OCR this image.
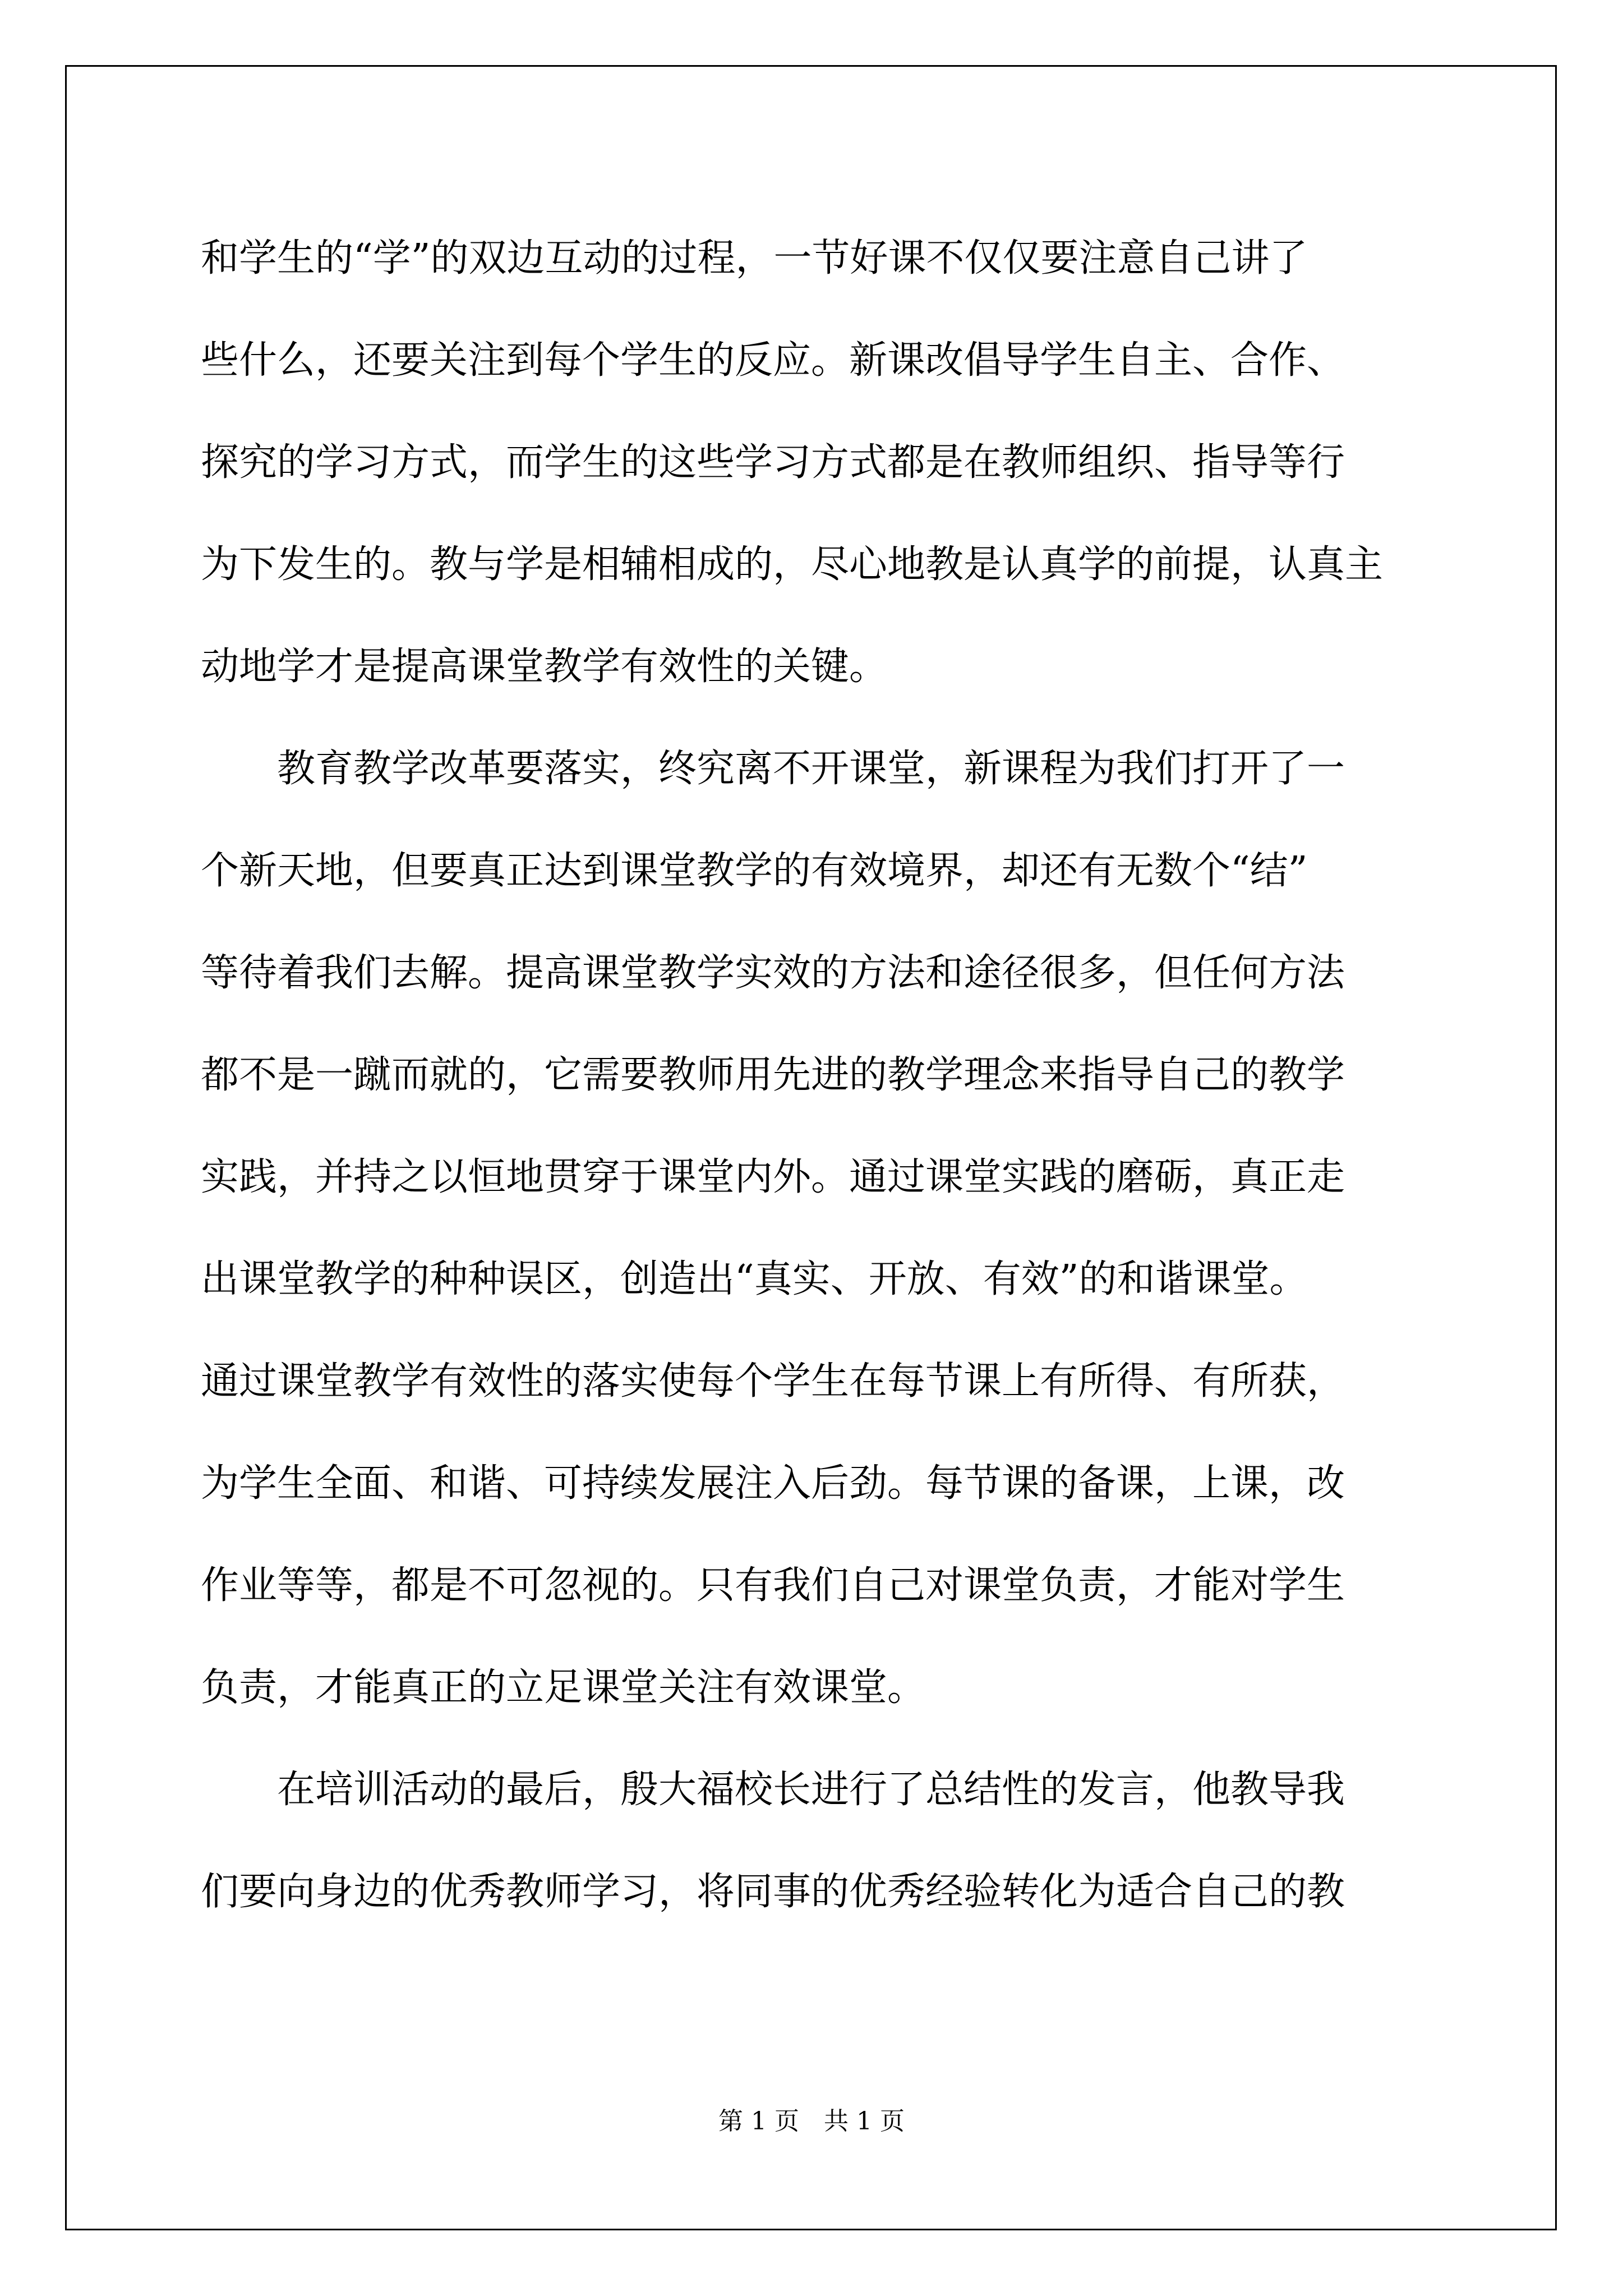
和学生的“学”的双边互动的过程，一节好课不仅仅要注意自己讲了
些什么，还要关注到每个学生的反应。新课改倡导学生自主、合作、
探究的学习方式，而学生的这些学习方式都是在教师组织、指导等行
为下发生的。教与学是相辅相成的，尽心地教是认真学的前提，认真主
动地学才是提高课堂教学有效性的关键。
　　教育教学改革要落实，终究离不开课堂，新课程为我们打开了一
个新天地，但要真正达到课堂教学的有效境界，却还有无数个“结”
等待着我们去解。提高课堂教学实效的方法和途径很多，但任何方法
都不是一蹴而就的，它需要教师用先进的教学理念来指导自己的教学
实践，并持之以恒地贯穿于课堂内外。通过课堂实践的磨砺，真正走
出课堂教学的种种误区，创造出“真实、开放、有效”的和谐课堂。
通过课堂教学有效性的落实使每个学生在每节课上有所得、有所获，
为学生全面、和谐、可持续发展注入后劲。每节课的备课，上课，改
作业等等，都是不可忽视的。只有我们自己对课堂负责，才能对学生
负责，才能真正的立足课堂关注有效课堂。
　　在培训活动的最后，殷大福校长进行了总结性的发言，他教导我
们要向身边的优秀教师学习，将同事的优秀经验转化为适合自己的教
第 1 页　共 1 页
